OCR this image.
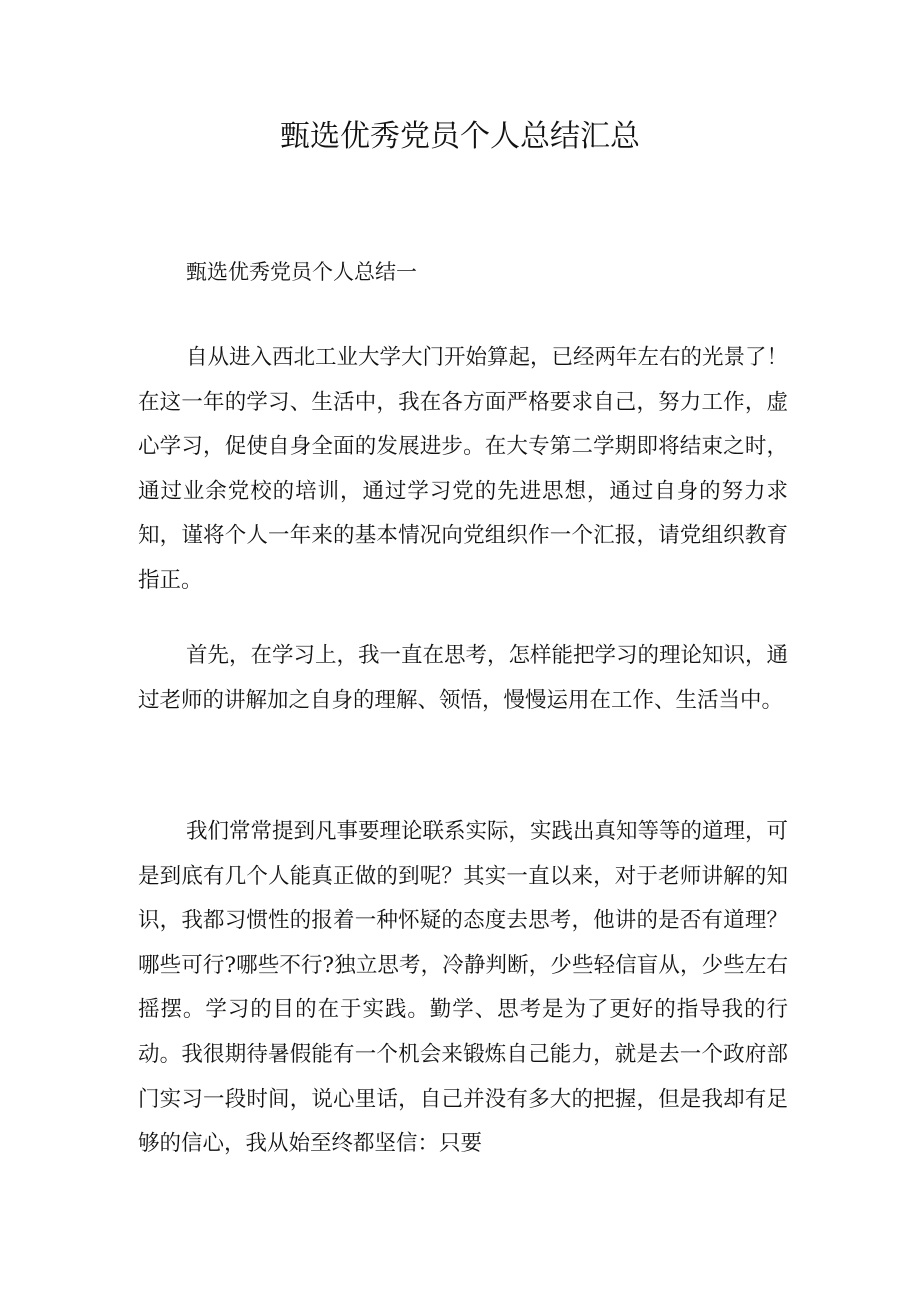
甄选优秀党员个人总结汇总

甄选优秀党员个人总结一

自从进入西北工业大学大门开始算起，已经两年左右的光景了！在这一年的学习、生活中，我在各方面严格要求自己，努力工作，虚心学习，促使自身全面的发展进步。在大专第二学期即将结束之时，通过业余党校的培训，通过学习党的先进思想，通过自身的努力求知，谨将个人一年来的基本情况向党组织作一个汇报，请党组织教育指正。

首先，在学习上，我一直在思考，怎样能把学习的理论知识，通过老师的讲解加之自身的理解、领悟，慢慢运用在工作、生活当中。

我们常常提到凡事要理论联系实际，实践出真知等等的道理，可是到底有几个人能真正做的到呢？其实一直以来，对于老师讲解的知识，我都习惯性的报着一种怀疑的态度去思考，他讲的是否有道理？哪些可行?哪些不行?独立思考，冷静判断，少些轻信盲从，少些左右摇摆。学习的目的在于实践。勤学、思考是为了更好的指导我的行动。我很期待暑假能有一个机会来锻炼自己能力，就是去一个政府部门实习一段时间，说心里话，自己并没有多大的把握，但是我却有足够的信心，我从始至终都坚信：只要
